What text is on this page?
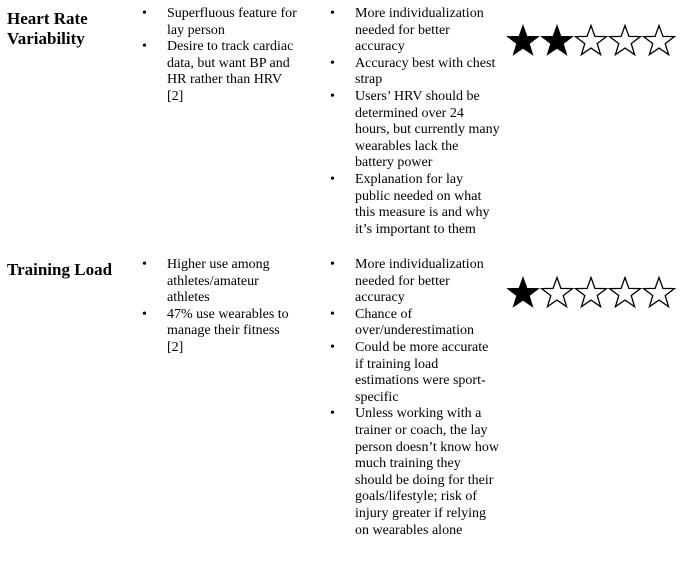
Heart Rate Variability
• Superfluous feature for lay person
• Desire to track cardiac data, but want BP and HR rather than HRV [2]
• More individualization needed for better accuracy
• Accuracy best with chest strap
• Users’ HRV should be determined over 24 hours, but currently many wearables lack the battery power
• Explanation for lay public needed on what this measure is and why it’s important to them
Training Load
•	Higher use among athletes/amateur athletes
• 47% use wearables to manage their fitness [2]
• More individualization needed for better accuracy
• Chance of over/underestimation
• Could be more accurate if training load estimations were sport-specific
• Unless working with a trainer or coach, the lay person doesn’t know how much training they should be doing for their goals/lifestyle; risk of injury greater if relying on wearables alone
